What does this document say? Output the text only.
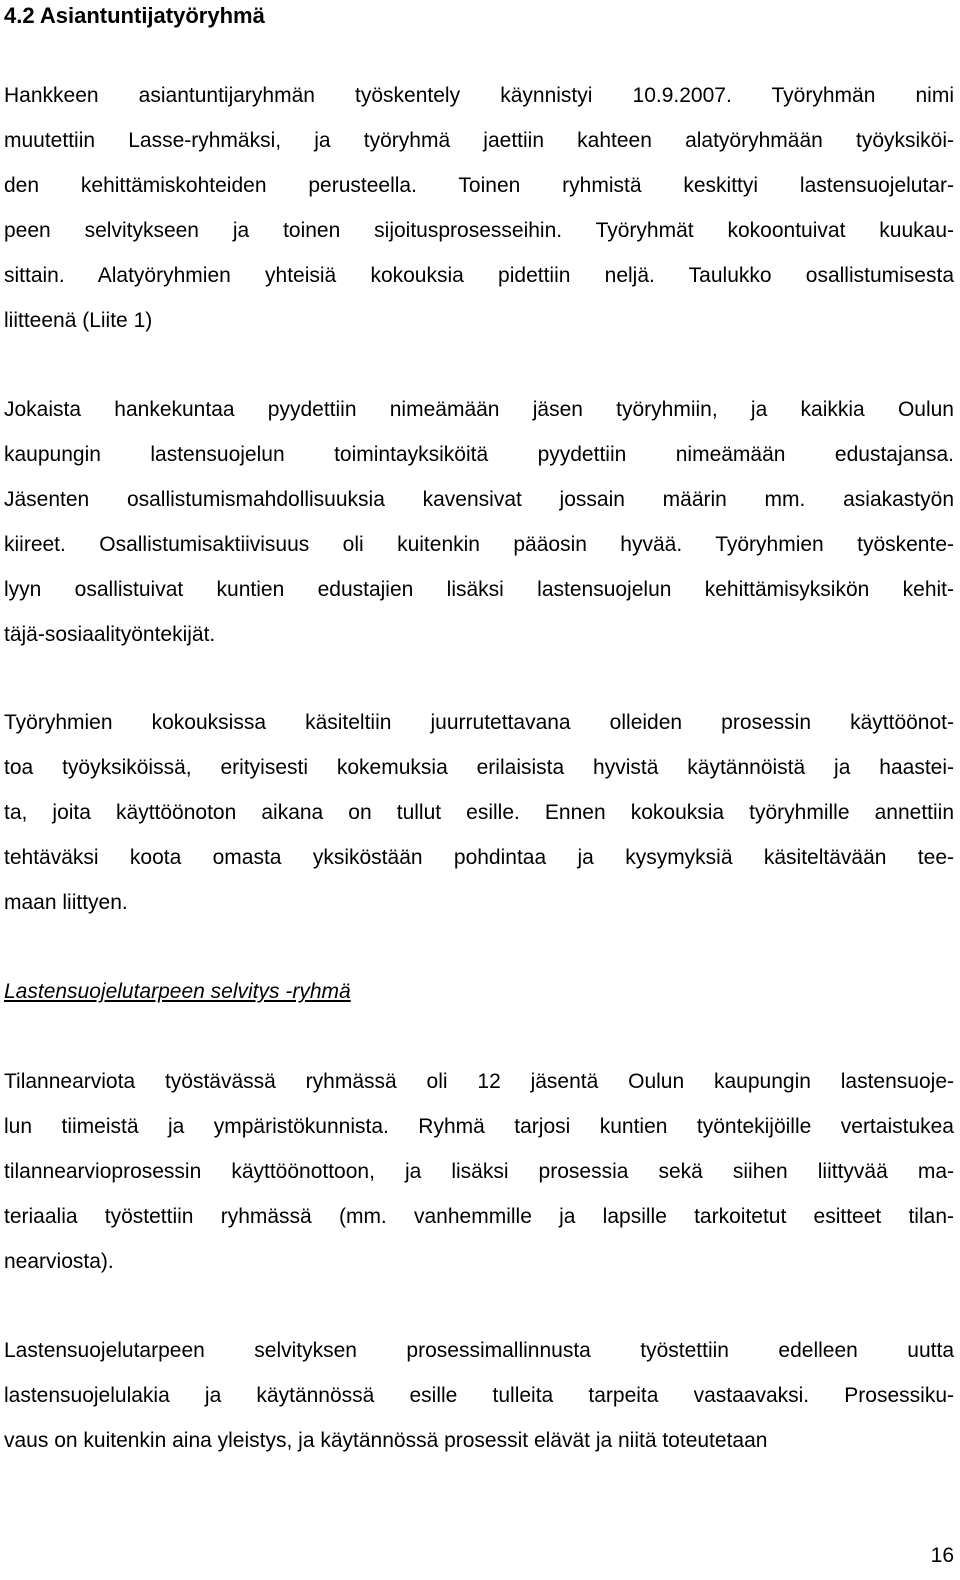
4.2 Asiantuntijatyöryhmä
Hankkeen asiantuntijaryhmän työskentely käynnistyi 10.9.2007. Työryhmän nimi
muutettiin Lasse-ryhmäksi, ja työryhmä jaettiin kahteen alatyöryhmään työyksiköi-
den kehittämiskohteiden perusteella. Toinen ryhmistä keskittyi lastensuojelutar-
peen selvitykseen ja toinen sijoitusprosesseihin. Työryhmät kokoontuivat kuukau-
sittain. Alatyöryhmien yhteisiä kokouksia pidettiin neljä. Taulukko osallistumisesta
liitteenä (Liite 1)
Jokaista hankekuntaa pyydettiin nimeämään jäsen työryhmiin, ja kaikkia Oulun
kaupungin lastensuojelun toimintayksiköitä pyydettiin nimeämään edustajansa.
Jäsenten osallistumismahdollisuuksia kavensivat jossain määrin mm. asiakastyön
kiireet. Osallistumisaktiivisuus oli kuitenkin pääosin hyvää. Työryhmien työskente-
lyyn osallistuivat kuntien edustajien lisäksi lastensuojelun kehittämisyksikön kehit-
täjä-sosiaalityöntekijät.
Työryhmien kokouksissa käsiteltiin juurrutettavana olleiden prosessin käyttöönot-
toa työyksiköissä, erityisesti kokemuksia erilaisista hyvistä käytännöistä ja haastei-
ta, joita käyttöönoton aikana on tullut esille. Ennen kokouksia työryhmille annettiin
tehtäväksi koota omasta yksiköstään pohdintaa ja kysymyksiä käsiteltävään tee-
maan liittyen.
Lastensuojelutarpeen selvitys -ryhmä
Tilannearviota työstävässä ryhmässä oli 12 jäsentä Oulun kaupungin lastensuoje-
lun tiimeistä ja ympäristökunnista. Ryhmä tarjosi kuntien työntekijöille vertaistukea
tilannearvioprosessin käyttöönottoon, ja lisäksi prosessia sekä siihen liittyvää ma-
teriaalia työstettiin ryhmässä (mm. vanhemmille ja lapsille tarkoitetut esitteet tilan-
nearviosta).
Lastensuojelutarpeen selvityksen prosessimallinnusta työstettiin edelleen uutta
lastensuojelulakia ja käytännössä esille tulleita tarpeita vastaavaksi. Prosessiku-
vaus on kuitenkin aina yleistys, ja käytännössä prosessit elävät ja niitä toteutetaan
16
